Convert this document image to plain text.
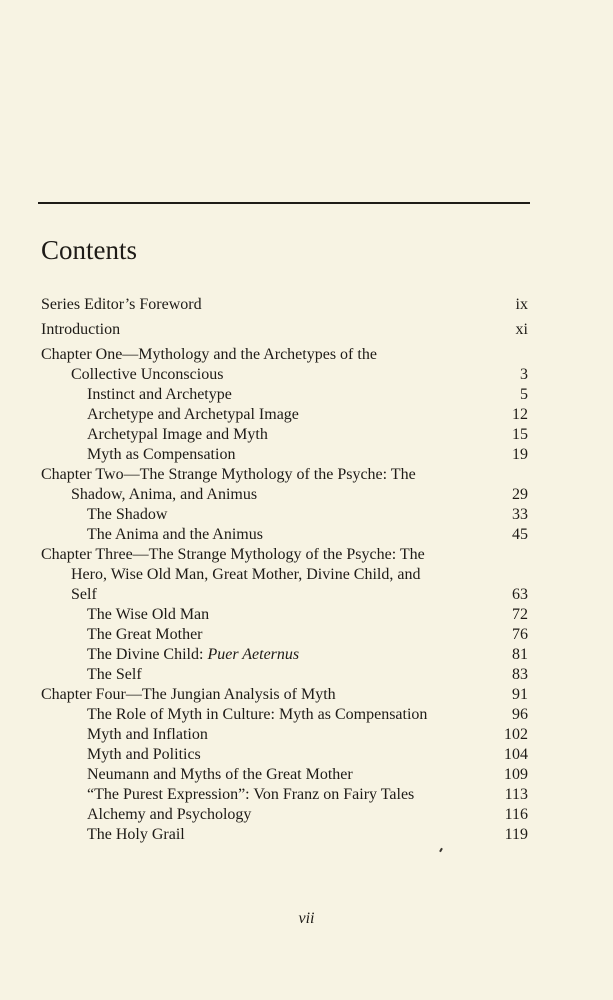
Contents
Series Editor’s Foreword	ix
Introduction	xi
Chapter One—Mythology and the Archetypes of the
Collective Unconscious	3
Instinct and Archetype	5
Archetype and Archetypal Image	12
Archetypal Image and Myth	15
Myth as Compensation	19
Chapter Two—The Strange Mythology of the Psyche: The
Shadow, Anima, and Animus	29
The Shadow	33
The Anima and the Animus	45
Chapter Three—The Strange Mythology of the Psyche: The
Hero, Wise Old Man, Great Mother, Divine Child, and
Self	63
The Wise Old Man	72
The Great Mother	76
The Divine Child: Puer Aeternus	81
The Self	83
Chapter Four—The Jungian Analysis of Myth	91
The Role of Myth in Culture: Myth as Compensation	96
Myth and Inflation	102
Myth and Politics	104
Neumann and Myths of the Great Mother	109
“The Purest Expression”: Von Franz on Fairy Tales	113
Alchemy and Psychology	116
The Holy Grail	119
vii
